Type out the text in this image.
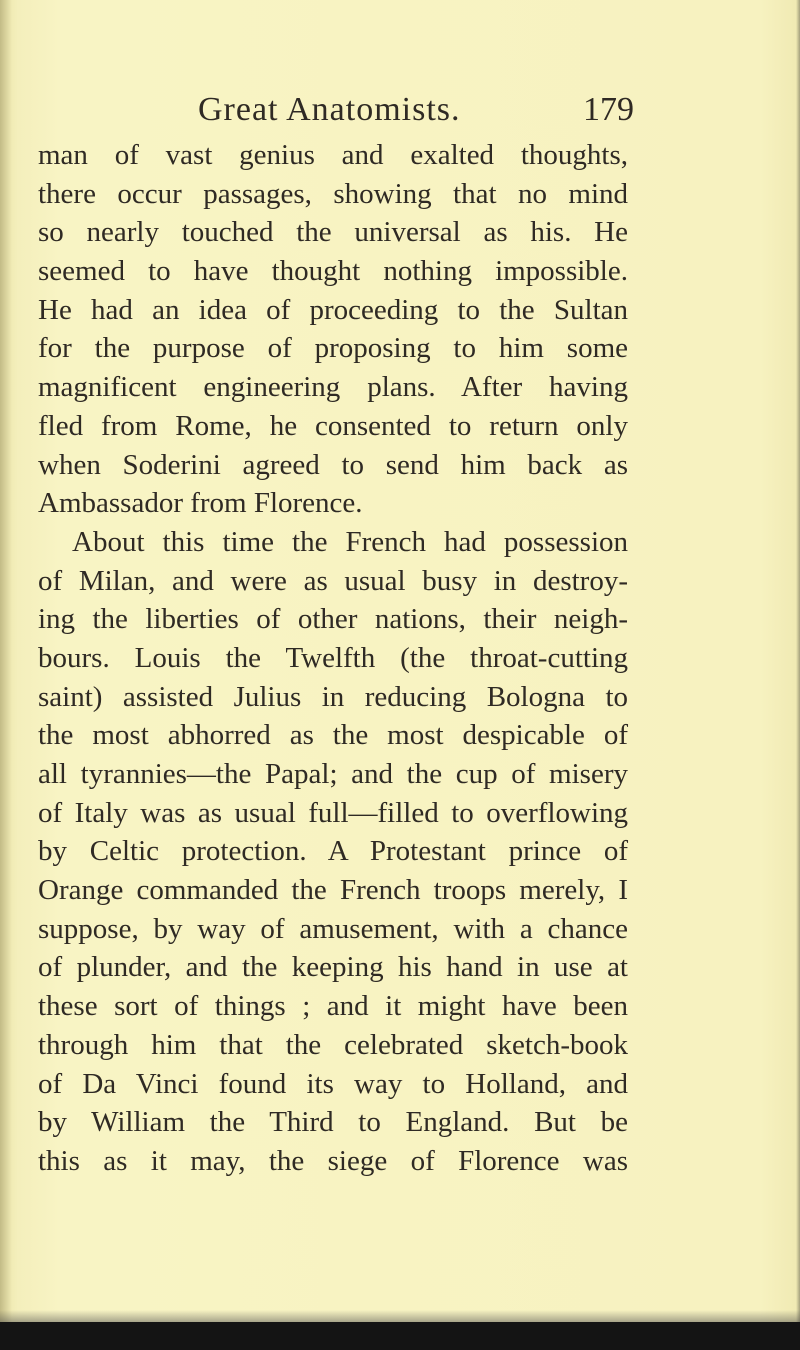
Great Anatomists.	179
man of vast genius and exalted thoughts,
there occur passages, showing that no mind
so nearly touched the universal as his. He
seemed to have thought nothing impossible.
He had an idea of proceeding to the Sultan
for the purpose of proposing to him some
magnificent engineering plans. After having
fled from Rome, he consented to return only
when Soderini agreed to send him back as
Ambassador from Florence.
About this time the French had possession
of Milan, and were as usual busy in destroy-
ing the liberties of other nations, their neigh-
bours. Louis the Twelfth (the throat-cutting
saint) assisted Julius in reducing Bologna to
the most abhorred as the most despicable of
all tyrannies—the Papal; and the cup of misery
of Italy was as usual full—filled to overflowing
by Celtic protection. A Protestant prince of
Orange commanded the French troops merely, I
suppose, by way of amusement, with a chance
of plunder, and the keeping his hand in use at
these sort of things ; and it might have been
through him that the celebrated sketch-book
of Da Vinci found its way to Holland, and
by William the Third to England. But be
this as it may, the siege of Florence was
